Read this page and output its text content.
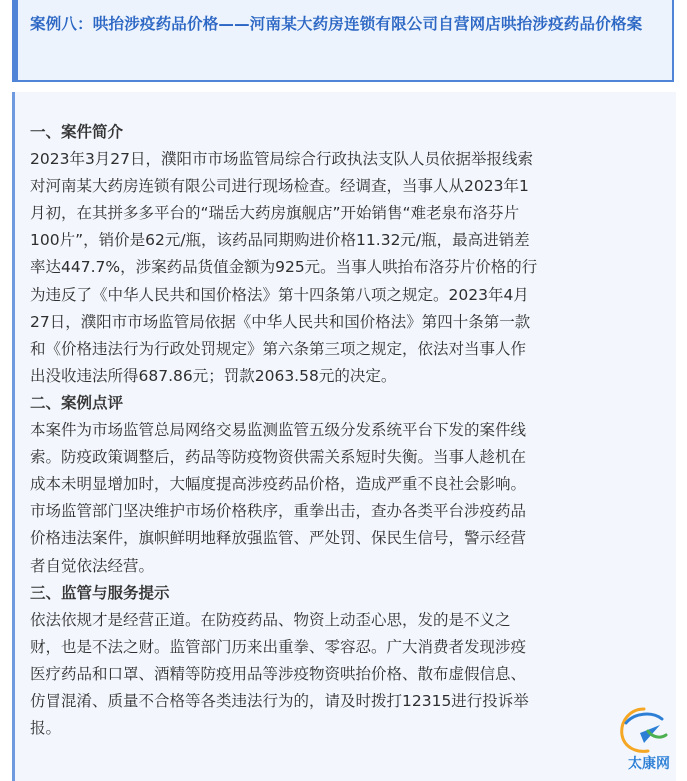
案例八：哄抬涉疫药品价格——河南某大药房连锁有限公司自营网店哄抬涉疫药品价格案
一、案件简介
2023年3月27日，濮阳市市场监管局综合行政执法支队人员依据举报线索
对河南某大药房连锁有限公司进行现场检查。经调查，当事人从2023年1
月初，在其拼多多平台的“瑞岳大药房旗舰店”开始销售“难老泉布洛芬片
100片”，销价是62元/瓶，该药品同期购进价格11.32元/瓶，最高进销差
率达447.7%，涉案药品货值金额为925元。当事人哄抬布洛芬片价格的行
为违反了《中华人民共和国价格法》第十四条第八项之规定。2023年4月
27日，濮阳市市场监管局依据《中华人民共和国价格法》第四十条第一款
和《价格违法行为行政处罚规定》第六条第三项之规定，依法对当事人作
出没收违法所得687.86元；罚款2063.58元的决定。
二、案例点评
本案件为市场监管总局网络交易监测监管五级分发系统平台下发的案件线
索。防疫政策调整后，药品等防疫物资供需关系短时失衡。当事人趁机在
成本未明显增加时，大幅度提高涉疫药品价格，造成严重不良社会影响。
市场监管部门坚决维护市场价格秩序，重拳出击，查办各类平台涉疫药品
价格违法案件，旗帜鲜明地释放强监管、严处罚、保民生信号，警示经营
者自觉依法经营。
三、监管与服务提示
依法依规才是经营正道。在防疫药品、物资上动歪心思，发的是不义之
财，也是不法之财。监管部门历来出重拳、零容忍。广大消费者发现涉疫
医疗药品和口罩、酒精等防疫用品等涉疫物资哄抬价格、散布虚假信息、
仿冒混淆、质量不合格等各类违法行为的，请及时拨打12315进行投诉举
报。
太康网
